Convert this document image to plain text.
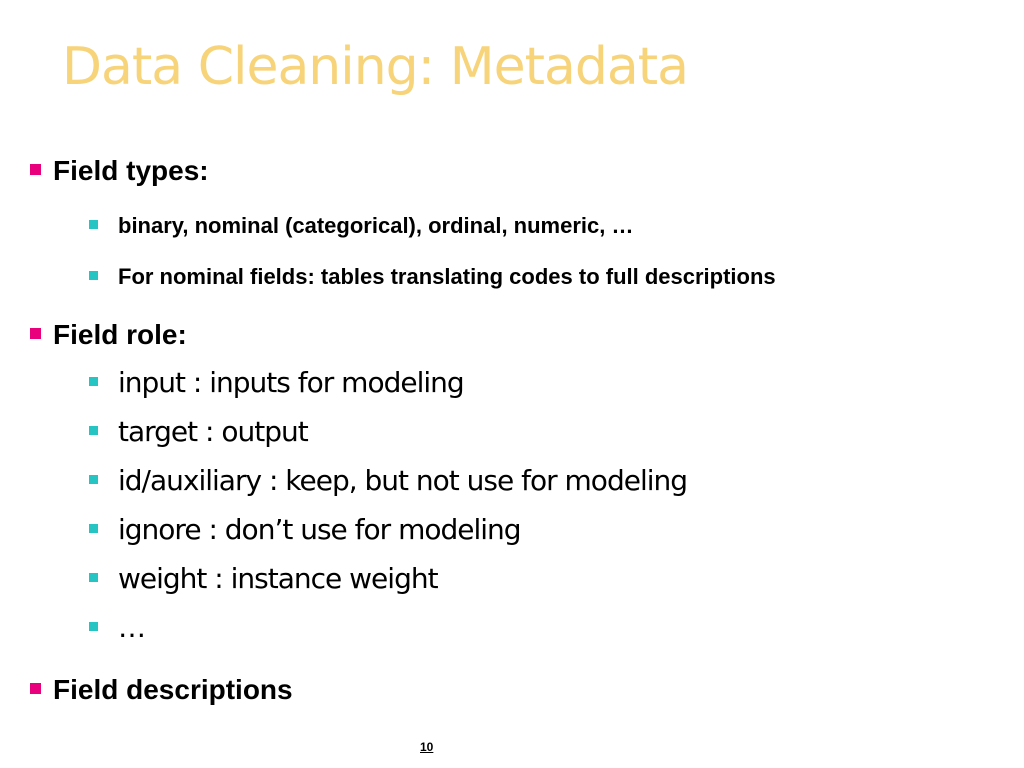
Data Cleaning: Metadata
Field types:
binary, nominal (categorical), ordinal, numeric, …
For nominal fields: tables translating codes to full descriptions
Field role:
input : inputs for modeling
target : output
id/auxiliary : keep, but not use for modeling
ignore : don’t use for modeling
weight : instance weight
…
Field descriptions
10
